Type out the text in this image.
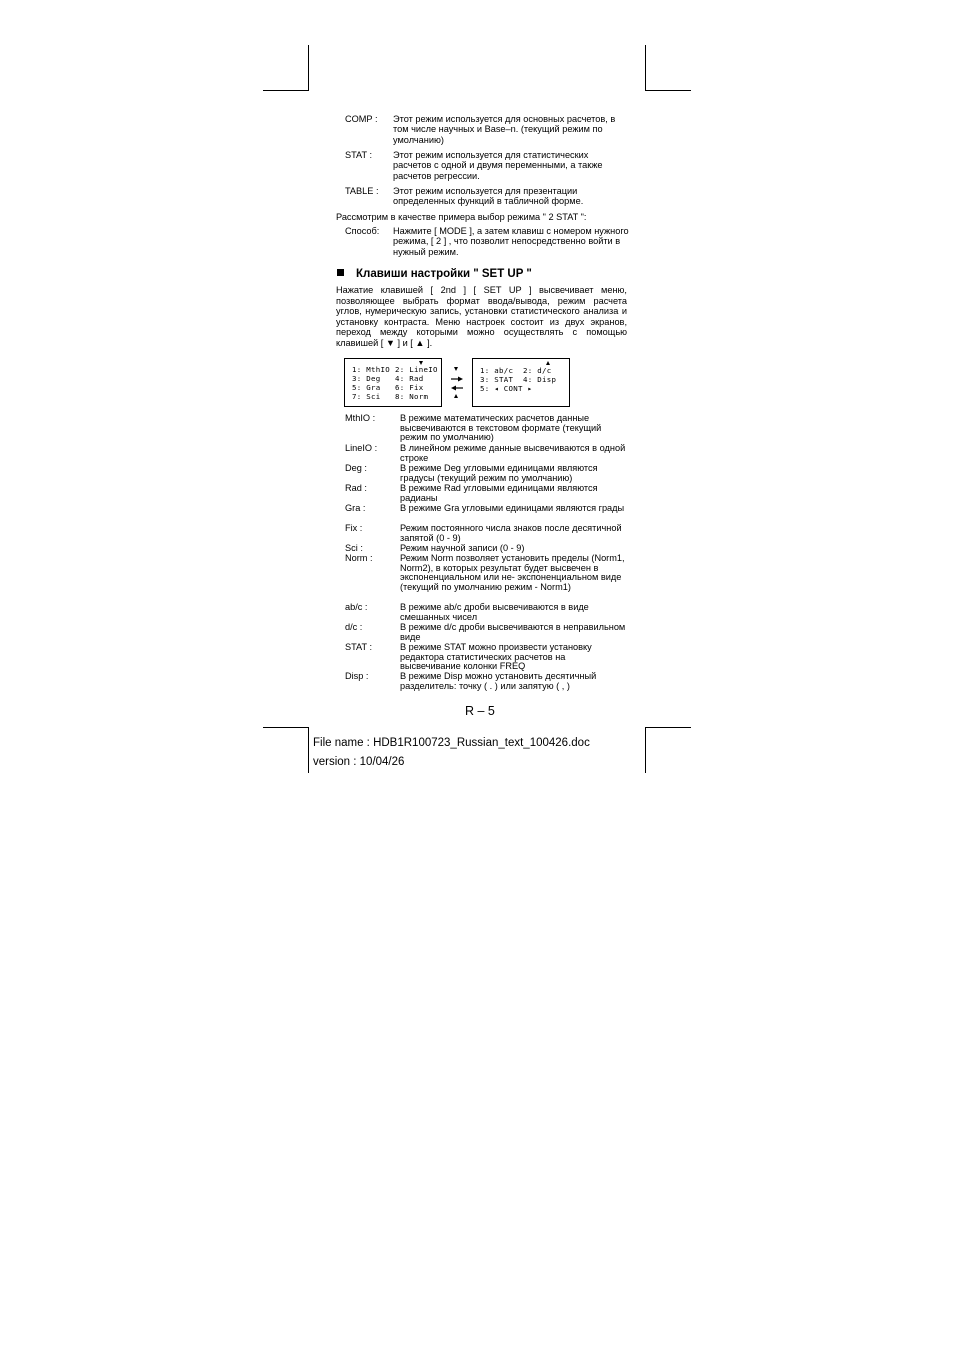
COMP : Этот режим используется для основных расчетов, в том числе научных и Base–n. (текущий режим по умолчанию)
STAT : Этот режим используется для статистических расчетов с одной и двумя переменными, а также расчетов регрессии.
TABLE : Этот режим используется для презентации определенных функций в табличной форме.
Рассмотрим в качестве примера выбор режима " 2 STAT ":
Способ: Нажмите [ MODE ], а затем клавиш с номером нужного режима, [ 2 ] , что позволит непосредственно войти в нужный режим.
Клавиши настройки " SET UP "
Нажатие клавишей [ 2nd ] [ SET UP ] высвечивает меню, позволяющее выбрать формат ввода/вывода, режим расчета углов, нумерическую запись, установки статистического анализа и установку контраста. Меню настроек состоит из двух экранов, переход между которыми можно осуществлять с помощью клавишей [ ▼ ] и [ ▲ ].
1: MthIO 2: LineIO
3: Deg 4: Rad
5: Gra 6: Fix
7: Sci 8: Norm
1: ab/c 2: d/c
3: STAT 4: Disp
5: ◂ CONT ▸
MthIO :	В режиме математических расчетов данные высвечиваются в текстовом формате (текущий режим по умолчанию)
LineIO : В линейном режиме данные высвечиваются в одной строке
Deg :	В режиме Deg угловыми единицами являются градусы (текущий режим по умолчанию)
Rad :	В режиме Rad угловыми единицами являются радианы
Gra :	В режиме Gra угловыми единицами являются грады
Fix :	Режим постоянного числа знаков после десятичной запятой (0 - 9)
Sci :	Режим научной записи (0 - 9)
Norm :	Режим Norm позволяет установить пределы (Norm1, Norm2), в которых результат будет высвечен в экспоненциальном или не- экспоненциальном виде (текущий по умолчанию режим - Norm1)
ab/c :	В режиме ab/c дроби высвечиваются в виде смешанных чисел
d/c :	В режиме d/c дроби высвечиваются в неправильном виде
STAT :	В режиме STAT можно произвести установку редактора статистических расчетов на высвечивание колонки FREQ
Disp :	В режиме Disp можно установить десятичный разделитель: точку ( . ) или запятую ( , )
R – 5
File name : HDB1R100723_Russian_text_100426.doc
version : 10/04/26
